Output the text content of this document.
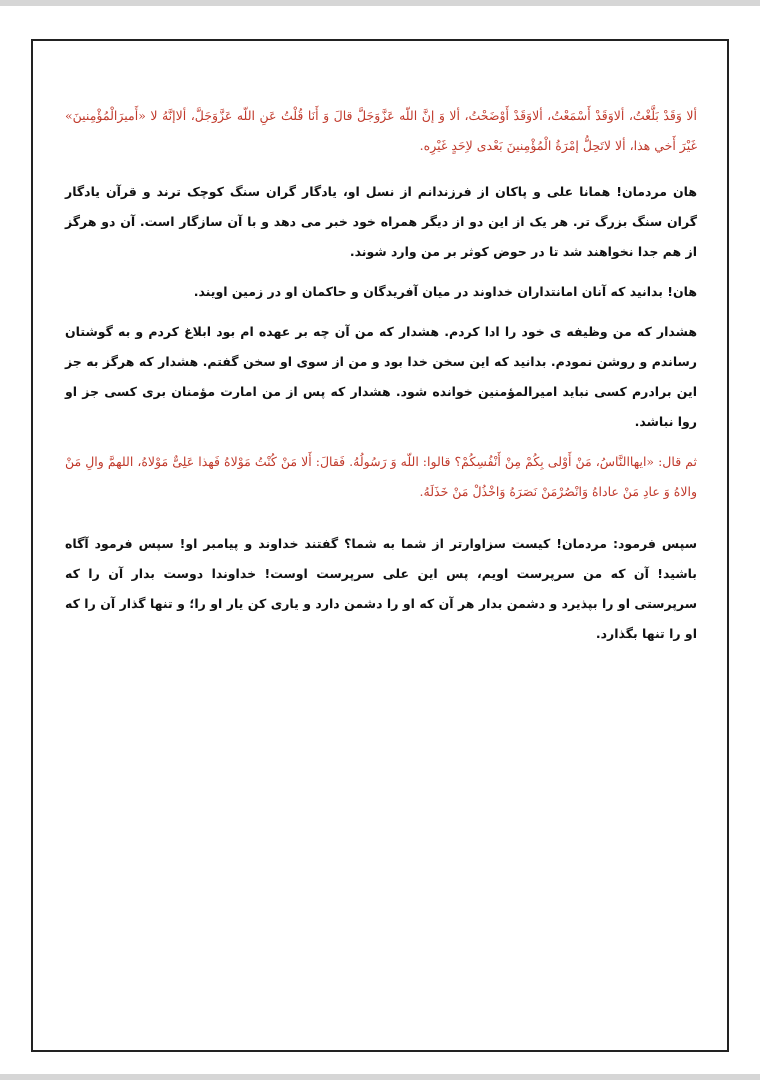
ألا وَقَدْ بَلَّغْتُ، ألاوَقَدْ أَسْمَعْتُ، ألاوَقَدْ أَوْضَحْتُ، ألا وَ إنَّ اللّه عَزَّوَجَلَّ قالَ وَ أَنَا قُلْتُ عَنِ اللّه عَزَّوَجَلَّ، ألاإنَّهُ لا «أَميرَالْمُؤْمِنينَ» غَيْرَ أَخي هذا، ألا لاتَحِلُّ إمْرَةُ الْمُؤْمِنينَ بَعْدى لاِحَدٍ غَيْرِه.

هان مردمان! همانا علی و پاکان از فرزندانم از نسل او، یادگار گران سنگ کوچک ترند و قرآن یادگار گران سنگ بزرگ تر. هر یک از این دو از دیگر همراه خود خبر می دهد و با آن سازگار است. آن دو هرگز از هم جدا نخواهند شد تا در حوض کوثر بر من وارد شوند.

هان! بدانید که آنان امانتداران خداوند در میان آفریدگان و حاکمان او در زمین اویند.

هشدار که من وظیفه ی خود را ادا کردم. هشدار که من آن چه بر عهده ام بود ابلاغ کردم و به گوشتان رساندم و روشن نمودم. بدانید که این سخن خدا بود و من از سوی او سخن گفتم. هشدار که هرگز به جز این برادرم کسی نباید امیرالمؤمنین خوانده شود. هشدار که پس از من امارت مؤمنان بری کسی جز او روا نباشد.

ثم قال: «ايهاالنَّاسُ، مَنْ أَوْلى بِكُمْ مِنْ أَنْفُسِكُمْ؟ قالوا: اللّه وَ رَسُولُهُ. فَقالَ: أَلا مَنْ كُنْتُ مَوْلاهُ فَهذا عَلِىٌّ مَوْلاهُ، اللهمَّ والِ مَنْ والاهُ وَ عادِ مَنْ عاداهُ وَانْصُرْمَنْ نَصَرَهُ وَاخْذُلْ مَنْ خَذَلَهُ.

سپس فرمود: مردمان! کیست سزاوارتر از شما به شما؟ گفتند خداوند و پیامبر او! سپس فرمود آگاه باشید! آن که من سرپرست اویم، پس این علی سرپرست اوست! خداوندا دوست بدار آن را که سرپرستی او را بپذیرد و دشمن بدار هر آن که او را دشمن دارد و یاری کن یار او را؛ و تنها گذار آن را که او را تنها بگذارد.
